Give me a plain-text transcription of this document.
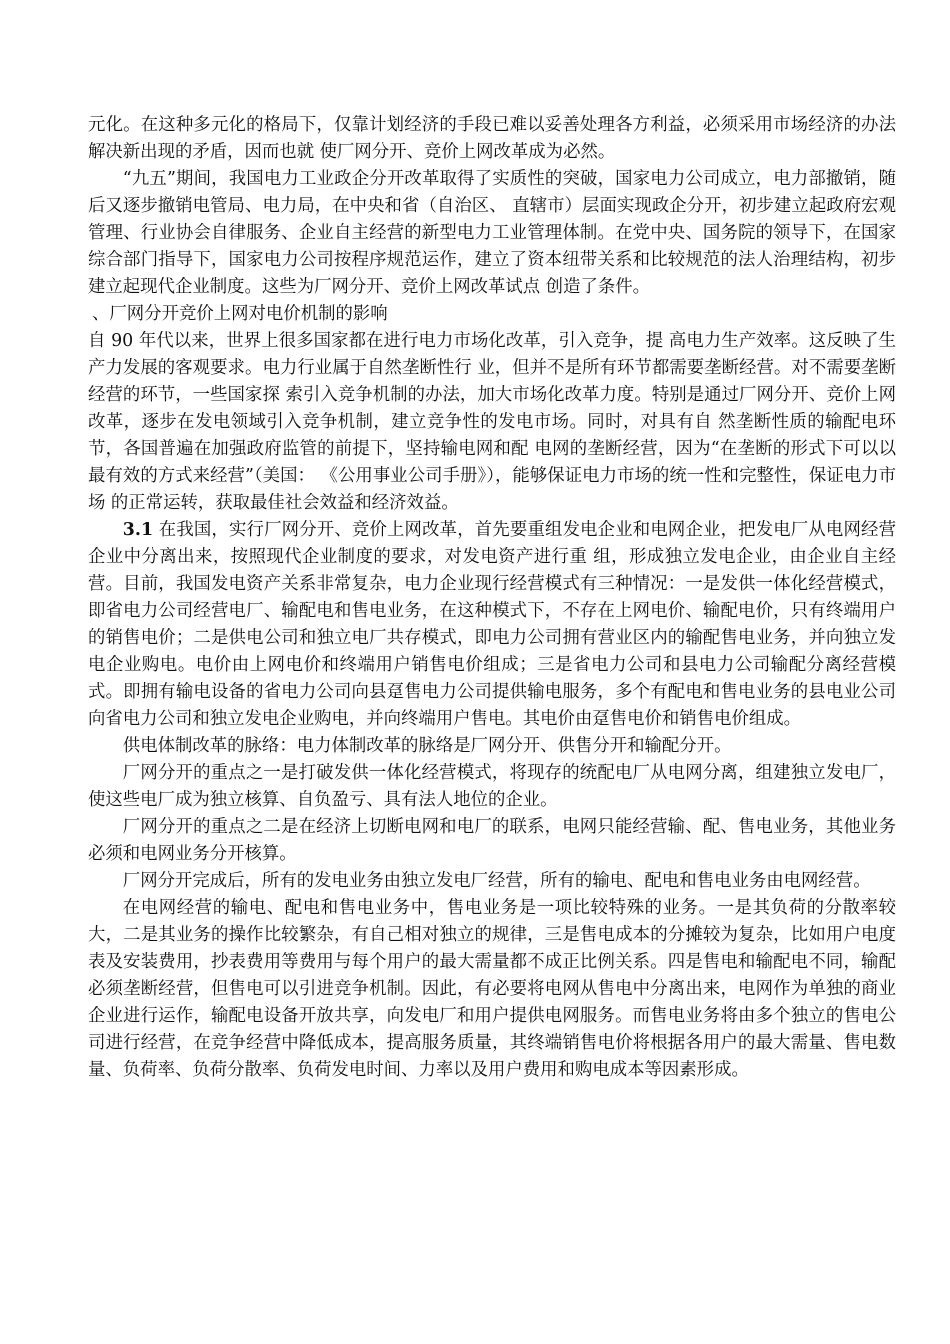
元化。在这种多元化的格局下，仅靠计划经济的手段已难以妥善处理各方利益，必须采用市场经济的办法解决新出现的矛盾，因而也就 使厂网分开、竞价上网改革成为必然。

“九五”期间，我国电力工业政企分开改革取得了实质性的突破，国家电力公司成立，电力部撤销，随后又逐步撤销电管局、电力局，在中央和省（自治区、 直辖市）层面实现政企分开，初步建立起政府宏观管理、行业协会自律服务、企业自主经营的新型电力工业管理体制。在党中央、国务院的领导下，在国家综合部门指导下，国家电力公司按程序规范运作，建立了资本纽带关系和比较规范的法人治理结构，初步建立起现代企业制度。这些为厂网分开、竞价上网改革试点 创造了条件。

、厂网分开竞价上网对电价机制的影响

自 90 年代以来，世界上很多国家都在进行电力市场化改革，引入竞争，提 高电力生产效率。这反映了生产力发展的客观要求。电力行业属于自然垄断性行 业，但并不是所有环节都需要垄断经营。对不需要垄断经营的环节，一些国家探 索引入竞争机制的办法，加大市场化改革力度。特别是通过厂网分开、竞价上网 改革，逐步在发电领域引入竞争机制，建立竞争性的发电市场。同时，对具有自 然垄断性质的输配电环节，各国普遍在加强政府监管的前提下，坚持输电网和配 电网的垄断经营，因为“在垄断的形式下可以以最有效的方式来经营”（美国： 《公用事业公司手册》），能够保证电力市场的统一性和完整性，保证电力市场 的正常运转，获取最佳社会效益和经济效益。

3.1 在我国，实行厂网分开、竞价上网改革，首先要重组发电企业和电网企业，把发电厂从电网经营企业中分离出来，按照现代企业制度的要求，对发电资产进行重 组，形成独立发电企业，由企业自主经营。目前，我国发电资产关系非常复杂，电力企业现行经营模式有三种情况：一是发供一体化经营模式，即省电力公司经营电厂、输配电和售电业务，在这种模式下，不存在上网电价、输配电价，只有终端用户的销售电价；二是供电公司和独立电厂共存模式，即电力公司拥有营业区内的输配售电业务，并向独立发电企业购电。电价由上网电价和终端用户销售电价组成；三是省电力公司和县电力公司输配分离经营模式。即拥有输电设备的省电力公司向县趸售电力公司提供输电服务，多个有配电和售电业务的县电业公司向省电力公司和独立发电企业购电，并向终端用户售电。其电价由趸售电价和销售电价组成。

供电体制改革的脉络：电力体制改革的脉络是厂网分开、供售分开和输配分开。

厂网分开的重点之一是打破发供一体化经营模式，将现存的统配电厂从电网分离，组建独立发电厂，使这些电厂成为独立核算、自负盈亏、具有法人地位的企业。

厂网分开的重点之二是在经济上切断电网和电厂的联系，电网只能经营输、配、售电业务，其他业务必须和电网业务分开核算。

厂网分开完成后，所有的发电业务由独立发电厂经营，所有的输电、配电和售电业务由电网经营。

在电网经营的输电、配电和售电业务中，售电业务是一项比较特殊的业务。一是其负荷的分散率较大，二是其业务的操作比较繁杂，有自己相对独立的规律，三是售电成本的分摊较为复杂，比如用户电度表及安装费用，抄表费用等费用与每个用户的最大需量都不成正比例关系。四是售电和输配电不同，输配必须垄断经营，但售电可以引进竞争机制。因此，有必要将电网从售电中分离出来，电网作为单独的商业企业进行运作，输配电设备开放共享，向发电厂和用户提供电网服务。而售电业务将由多个独立的售电公司进行经营，在竞争经营中降低成本，提高服务质量，其终端销售电价将根据各用户的最大需量、售电数量、负荷率、负荷分散率、负荷发电时间、力率以及用户费用和购电成本等因素形成。
